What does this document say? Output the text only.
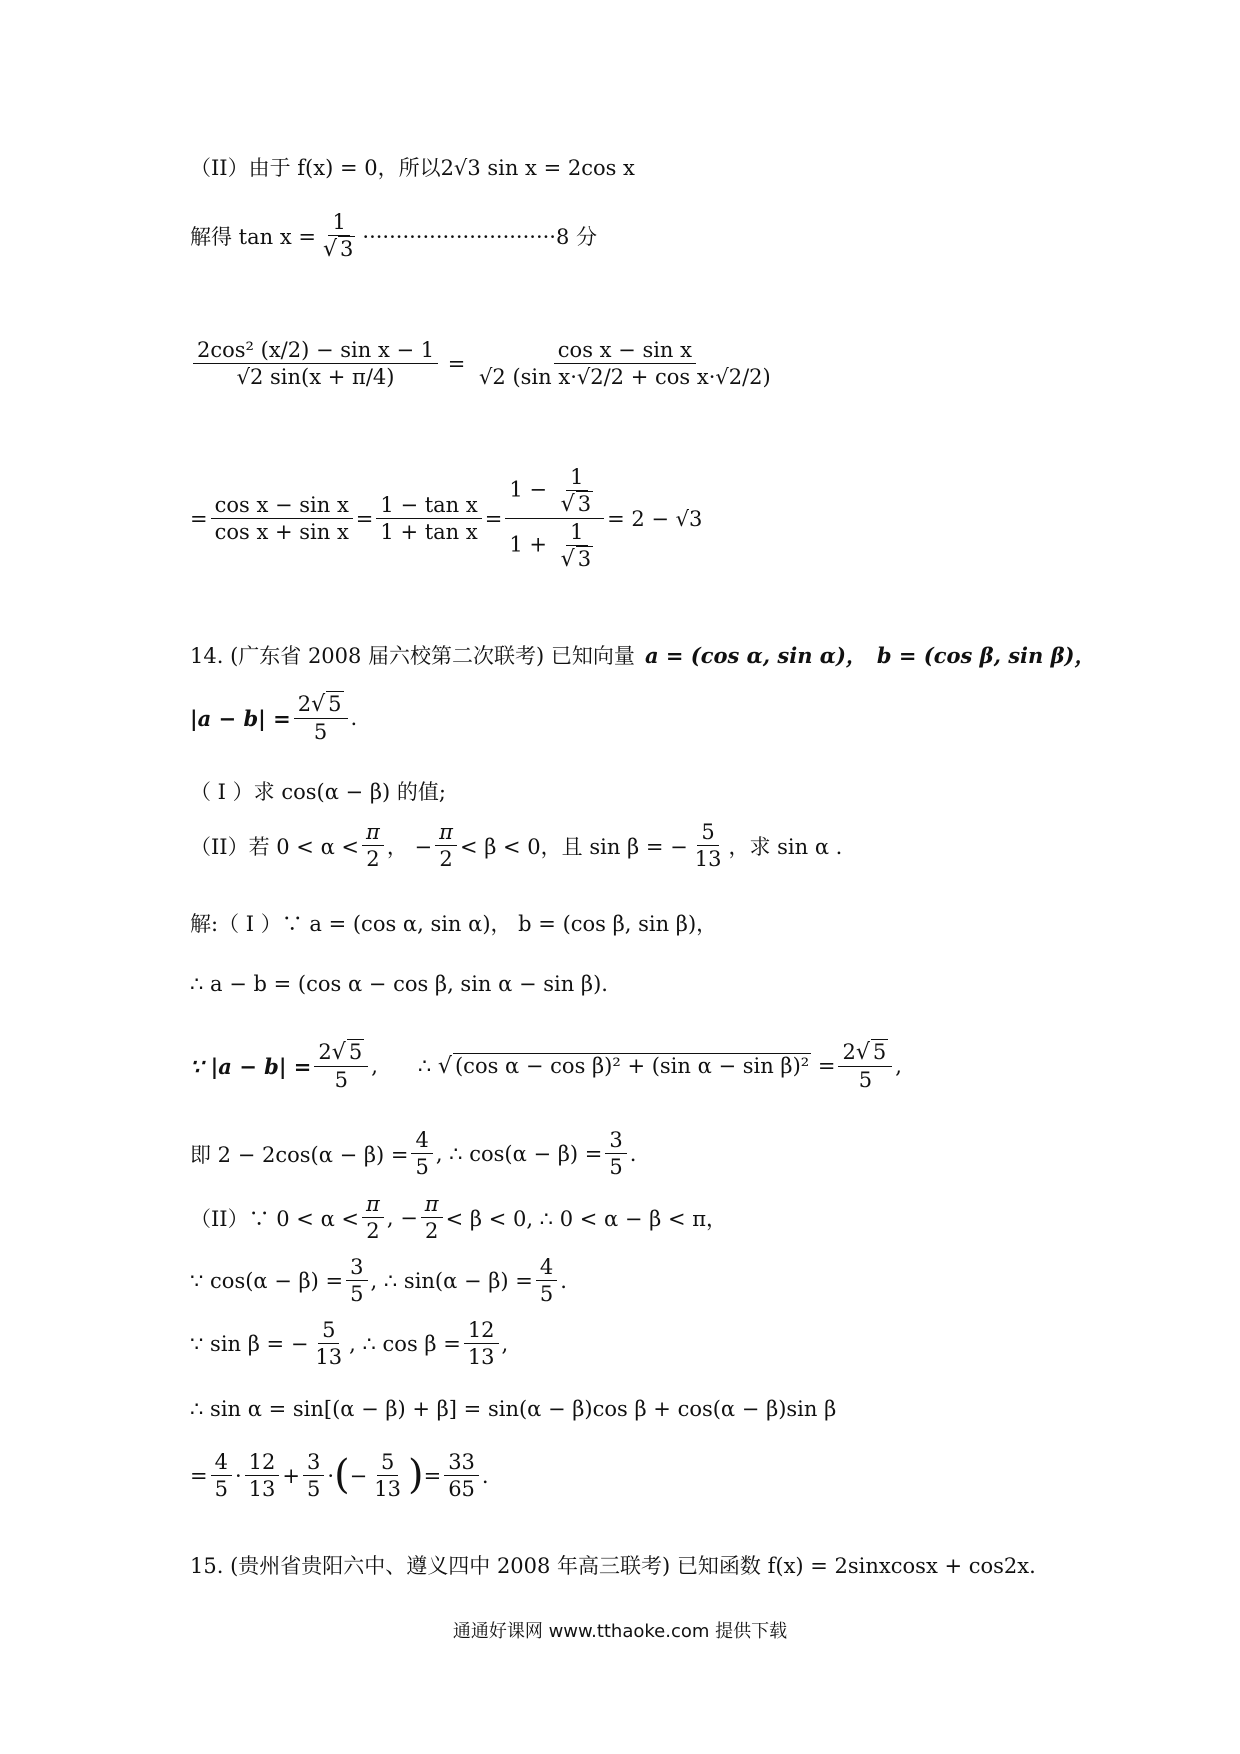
（II）由于 f(x) = 0，所以2√3 sin x = 2cos x
解得 $\tan x = \frac{1}{√ 3} \cdot\cdot\cdot\cdot\cdot\cdot\cdot\cdot\cdot\cdot\cdot\cdot\cdot\cdot\cdot\cdot\cdot\cdot\cdot\cdot\cdot\cdot\cdot\cdot\cdot\cdot\cdot\cdot\cdot 8$ 分
$\frac{\text{2cos² (x/2) − sin x − 1}}{√2 \sin(x + \pi/4)} = \frac{\text{cos x − sin x}}{\text{√2 (sin x·√2/2 + cos x·√2/2)}}$
= $\frac{\text{cos x − sin x}}{\text{cos x + sin x}} = \frac{\text{1 − tan x}}{\text{1 + tan x}} = \frac{1 - \frac{1}{√ 3}}{1 + \frac{1}{√ 3}} = 2 - √3$
14. (广东省 2008 届六校第二次联考) 已知向量 a = (cos α, sin α)， b = (cos β, sin β)，
$|a - b| = \frac{2√ 5}{5}$ .
（ I ）求 cos(α − β) 的值;
（II）若 $0 < \alpha < \frac{\pi}{2}$ ， − $\frac{\pi}{2} < \beta < 0$，且 sin β = − $\frac{5}{13}$ ，求 sin α .
解:（ I ）∵ a = (cos α, sin α)， b = (cos β, sin β)，
∴ a − b = (cos α − cos β, sin α − sin β).
∵ $|a - b| = \frac{2√ 5}{5}$ , ∴ √ (cos α − cos β)² + (sin $\alpha - \sin \beta)^2 = \frac{2√ 5}{5}$ ,
即 $2 - 2\cos(\alpha - \beta) = \frac{4}{5}$ , ∴ $\cos(\alpha - \beta) = \frac{3}{5}$ .
（II）∵ $0 < \alpha < \frac{\pi}{2}$ , − $\frac{\pi}{2} < \beta < 0$, ∴ 0 < α − β < π，
∵ $\cos(\alpha - \beta) = \frac{3}{5}$ , ∴ $\sin(\alpha - \beta) = \frac{4}{5}$ .
∵ sin β = − $\frac{5}{13}$ , ∴ $\cos \beta = \frac{12}{13}$ ,
∴ sin α = sin[(α − β) + β] = sin(α − β)cos β + cos(α − β)sin β
= $\frac{4}{5} \cdot \frac{12}{13} + \frac{3}{5}$ · ( − $\frac{5}{13}$ ) = $\frac{33}{65}$ .
15. (贵州省贵阳六中、遵义四中 2008 年高三联考) 已知函数 f(x) = 2sinxcosx + cos2x.
通通好课网 www.tthaoke.com 提供下载
